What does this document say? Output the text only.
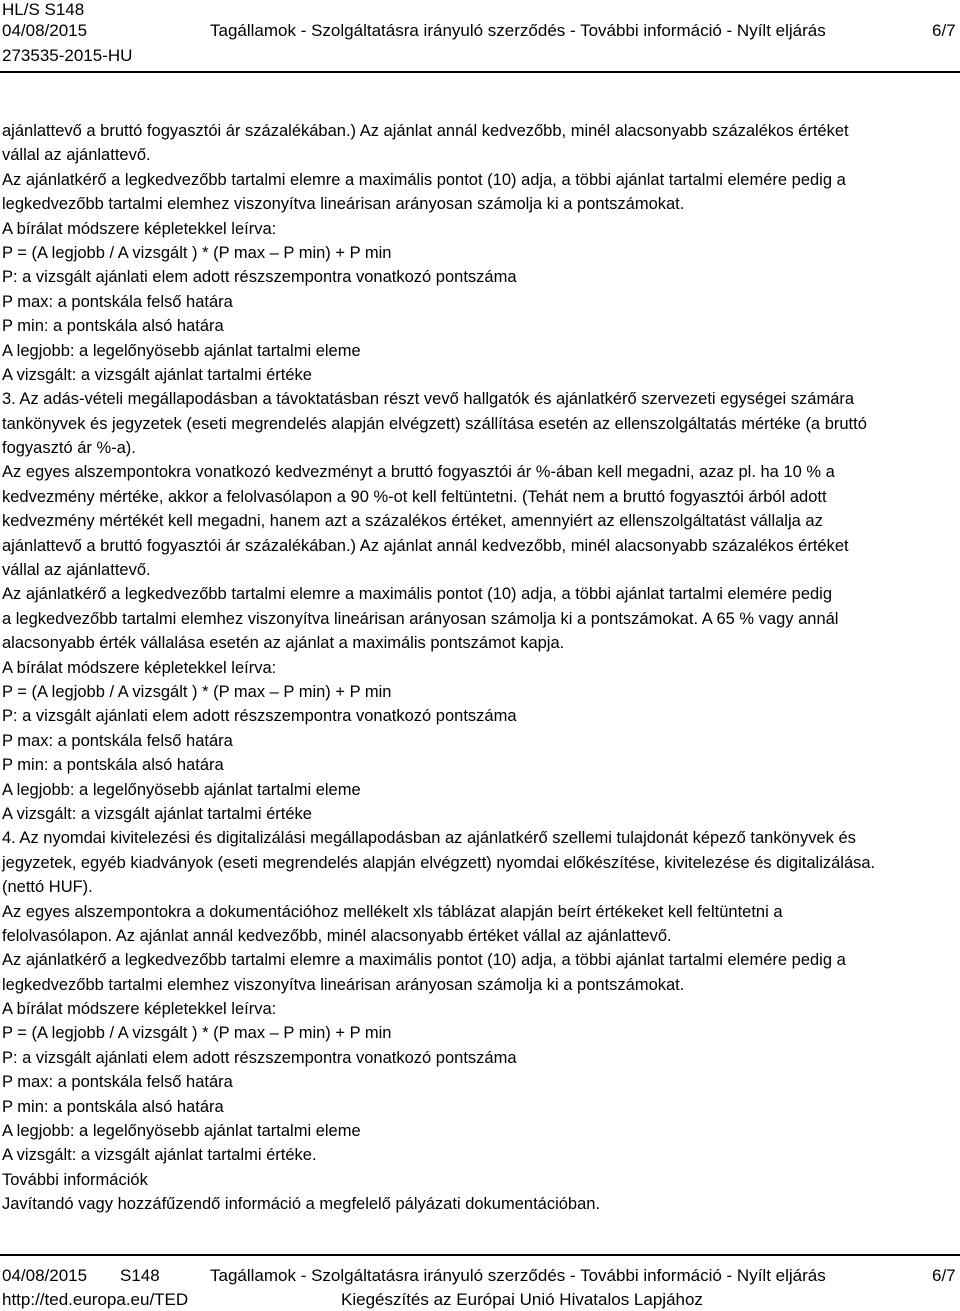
HL/S S148
04/08/2015	Tagállamok - Szolgáltatásra irányuló szerződés - További információ - Nyílt eljárás	6/7
273535-2015-HU
ajánlattevő a bruttó fogyasztói ár százalékában.) Az ajánlat annál kedvezőbb, minél alacsonyabb százalékos értéket
vállal az ajánlattevő.
Az ajánlatkérő a legkedvezőbb tartalmi elemre a maximális pontot (10) adja, a többi ajánlat tartalmi elemére pedig a
legkedvezőbb tartalmi elemhez viszonyítva lineárisan arányosan számolja ki a pontszámokat.
A bírálat módszere képletekkel leírva:
P = (A legjobb / A vizsgált ) * (P max – P min) + P min
P: a vizsgált ajánlati elem adott részszempontra vonatkozó pontszáma
P max: a pontskála felső határa
P min: a pontskála alsó határa
A legjobb: a legelőnyösebb ajánlat tartalmi eleme
A vizsgált: a vizsgált ajánlat tartalmi értéke
3. Az adás-vételi megállapodásban a távoktatásban részt vevő hallgatók és ajánlatkérő szervezeti egységei számára
tankönyvek és jegyzetek (eseti megrendelés alapján elvégzett) szállítása esetén az ellenszolgáltatás mértéke (a bruttó
fogyasztó ár %-a).
Az egyes alszempontokra vonatkozó kedvezményt a bruttó fogyasztói ár %-ában kell megadni, azaz pl. ha 10 % a
kedvezmény mértéke, akkor a felolvasólapon a 90 %-ot kell feltüntetni. (Tehát nem a bruttó fogyasztói árból adott
kedvezmény mértékét kell megadni, hanem azt a százalékos értéket, amennyiért az ellenszolgáltatást vállalja az
ajánlattevő a bruttó fogyasztói ár százalékában.) Az ajánlat annál kedvezőbb, minél alacsonyabb százalékos értéket
vállal az ajánlattevő.
Az ajánlatkérő a legkedvezőbb tartalmi elemre a maximális pontot (10) adja, a többi ajánlat tartalmi elemére pedig
a legkedvezőbb tartalmi elemhez viszonyítva lineárisan arányosan számolja ki a pontszámokat. A 65 % vagy annál
alacsonyabb érték vállalása esetén az ajánlat a maximális pontszámot kapja.
A bírálat módszere képletekkel leírva:
P = (A legjobb / A vizsgált ) * (P max – P min) + P min
P: a vizsgált ajánlati elem adott részszempontra vonatkozó pontszáma
P max: a pontskála felső határa
P min: a pontskála alsó határa
A legjobb: a legelőnyösebb ajánlat tartalmi eleme
A vizsgált: a vizsgált ajánlat tartalmi értéke
4. Az nyomdai kivitelezési és digitalizálási megállapodásban az ajánlatkérő szellemi tulajdonát képező tankönyvek és
jegyzetek, egyéb kiadványok (eseti megrendelés alapján elvégzett) nyomdai előkészítése, kivitelezése és digitalizálása.
(nettó HUF).
Az egyes alszempontokra a dokumentációhoz mellékelt xls táblázat alapján beírt értékeket kell feltüntetni a
felolvasólapon. Az ajánlat annál kedvezőbb, minél alacsonyabb értéket vállal az ajánlattevő.
Az ajánlatkérő a legkedvezőbb tartalmi elemre a maximális pontot (10) adja, a többi ajánlat tartalmi elemére pedig a
legkedvezőbb tartalmi elemhez viszonyítva lineárisan arányosan számolja ki a pontszámokat.
A bírálat módszere képletekkel leírva:
P = (A legjobb / A vizsgált ) * (P max – P min) + P min
P: a vizsgált ajánlati elem adott részszempontra vonatkozó pontszáma
P max: a pontskála felső határa
P min: a pontskála alsó határa
A legjobb: a legelőnyösebb ajánlat tartalmi eleme
A vizsgált: a vizsgált ajánlat tartalmi értéke.
További információk
Javítandó vagy hozzáfűzendő információ a megfelelő pályázati dokumentációban.
04/08/2015 S148	Tagállamok - Szolgáltatásra irányuló szerződés - További információ - Nyílt eljárás	6/7
http://ted.europa.eu/TED	Kiegészítés az Európai Unió Hivatalos Lapjához
